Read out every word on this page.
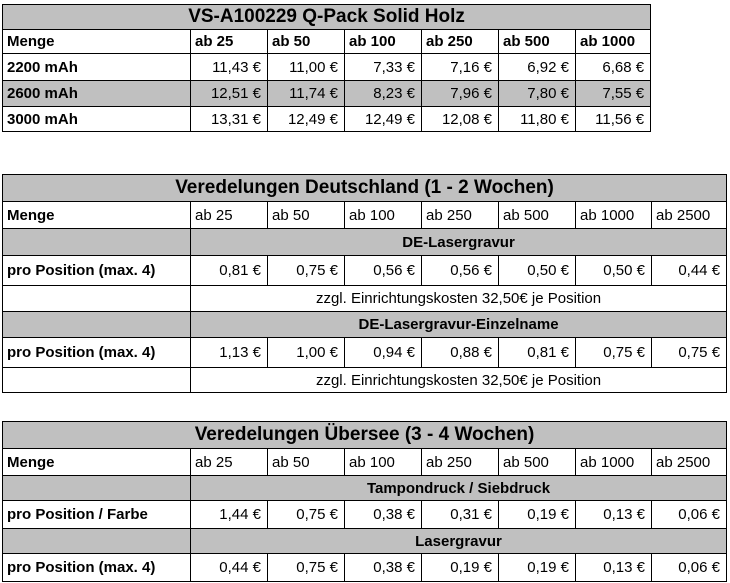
VS-A100229 Q-Pack Solid Holz						
Menge	ab 25	ab 50	ab 100	ab 250	ab 500	ab 1000
2200 mAh	11,43 €	11,00 €	7,33 €	7,16 €	6,92 €	6,68 €
2600 mAh	12,51 €	11,74 €	8,23 €	7,96 €	7,80 €	7,55 €
3000 mAh	13,31 €	12,49 €	12,49 €	12,08 €	11,80 €	11,56 €
Veredelungen Deutschland (1 - 2 Wochen)							
Menge	ab 25	ab 50	ab 100	ab 250	ab 500	ab 1000	ab 2500
	DE-Lasergravur						
pro Position (max. 4)	0,81 €	0,75 €	0,56 €	0,56 €	0,50 €	0,50 €	0,44 €
	zzgl. Einrichtungskosten 32,50€ je Position						
	DE-Lasergravur-Einzelname						
pro Position (max. 4)	1,13 €	1,00 €	0,94 €	0,88 €	0,81 €	0,75 €	0,75 €
	zzgl. Einrichtungskosten 32,50€ je Position						
Veredelungen Übersee (3 - 4 Wochen)							
Menge	ab 25	ab 50	ab 100	ab 250	ab 500	ab 1000	ab 2500
	Tampondruck / Siebdruck						
pro Position / Farbe	1,44 €	0,75 €	0,38 €	0,31 €	0,19 €	0,13 €	0,06 €
	Lasergravur						
pro Position (max. 4)	0,44 €	0,75 €	0,38 €	0,19 €	0,19 €	0,13 €	0,06 €
